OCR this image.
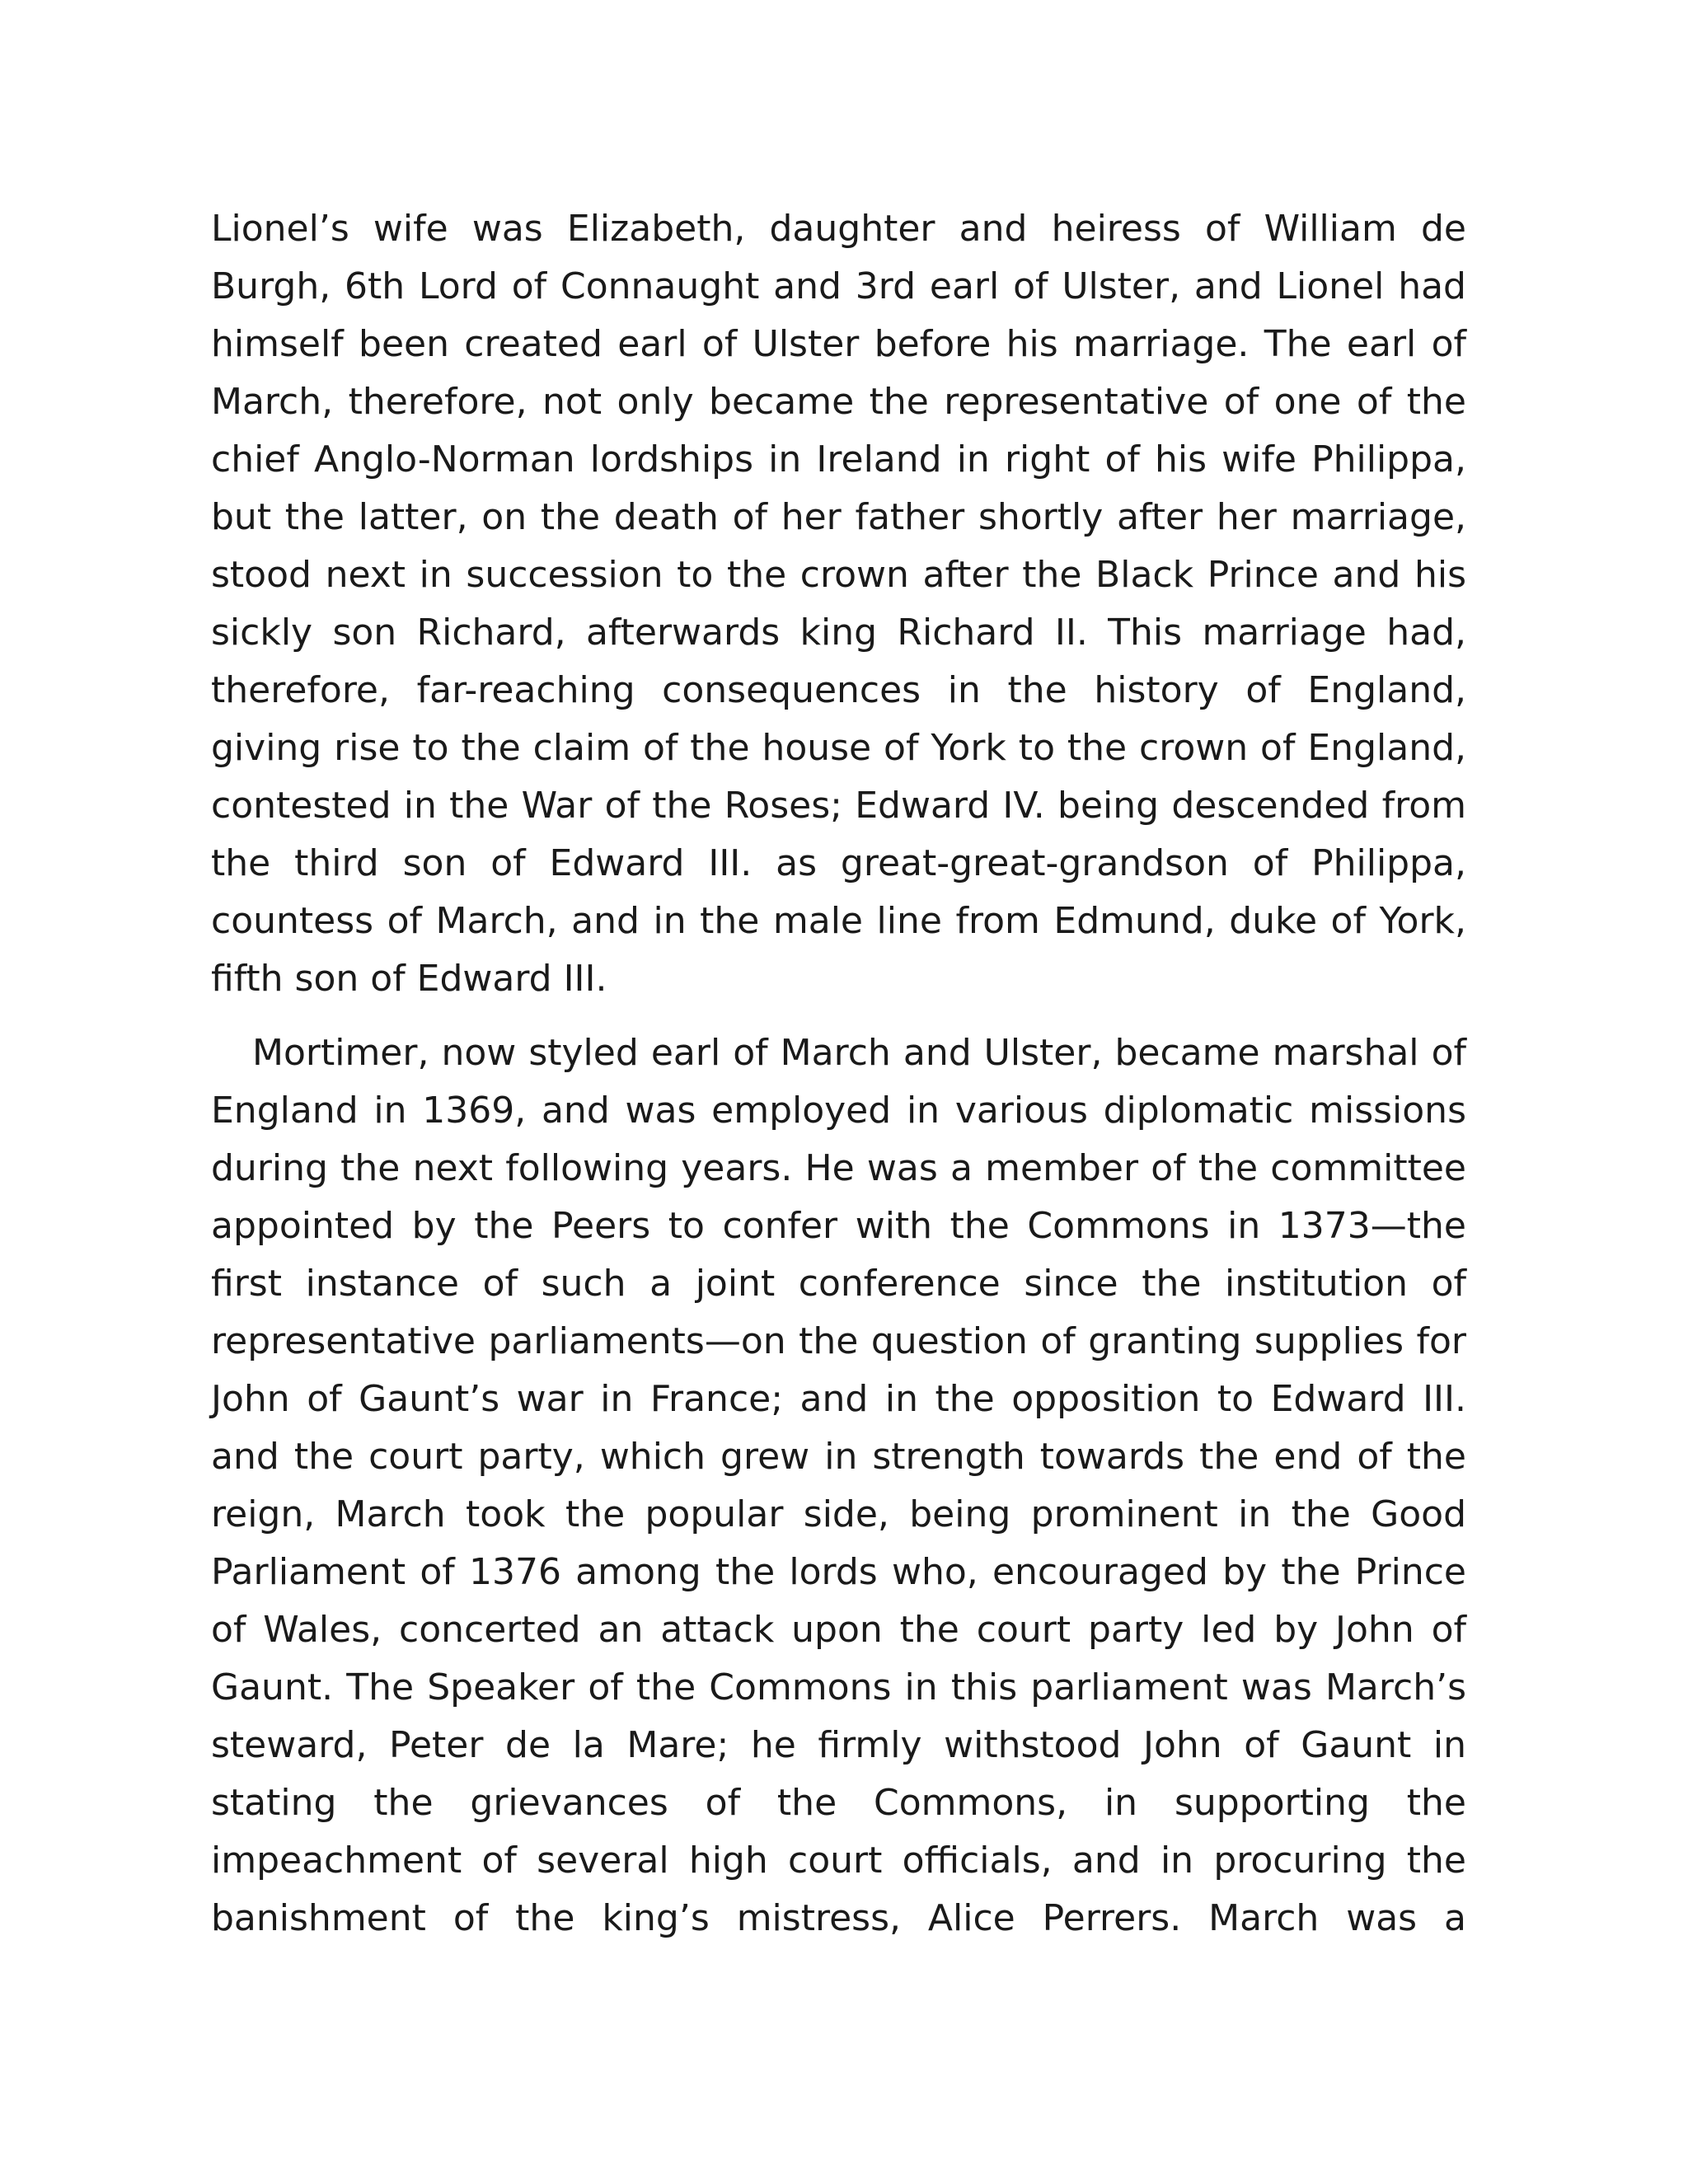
Lionel’s wife was Elizabeth, daughter and heiress of William de
Burgh, 6th Lord of Connaught and 3rd earl of Ulster, and Lionel had
himself been created earl of Ulster before his marriage. The earl of
March, therefore, not only became the representative of one of the
chief Anglo-Norman lordships in Ireland in right of his wife Philippa,
but the latter, on the death of her father shortly after her marriage,
stood next in succession to the crown after the Black Prince and his
sickly son Richard, afterwards king Richard II. This marriage had,
therefore, far-reaching consequences in the history of England,
giving rise to the claim of the house of York to the crown of England,
contested in the War of the Roses; Edward IV. being descended from
the third son of Edward III. as great-great-grandson of Philippa,
countess of March, and in the male line from Edmund, duke of York,
fifth son of Edward III.
Mortimer, now styled earl of March and Ulster, became marshal of
England in 1369, and was employed in various diplomatic missions
during the next following years. He was a member of the committee
appointed by the Peers to confer with the Commons in 1373—the
first instance of such a joint conference since the institution of
representative parliaments—on the question of granting supplies for
John of Gaunt’s war in France; and in the opposition to Edward III.
and the court party, which grew in strength towards the end of the
reign, March took the popular side, being prominent in the Good
Parliament of 1376 among the lords who, encouraged by the Prince
of Wales, concerted an attack upon the court party led by John of
Gaunt. The Speaker of the Commons in this parliament was March’s
steward, Peter de la Mare; he firmly withstood John of Gaunt in
stating the grievances of the Commons, in supporting the
impeachment of several high court officials, and in procuring the
banishment of the king’s mistress, Alice Perrers. March was a
